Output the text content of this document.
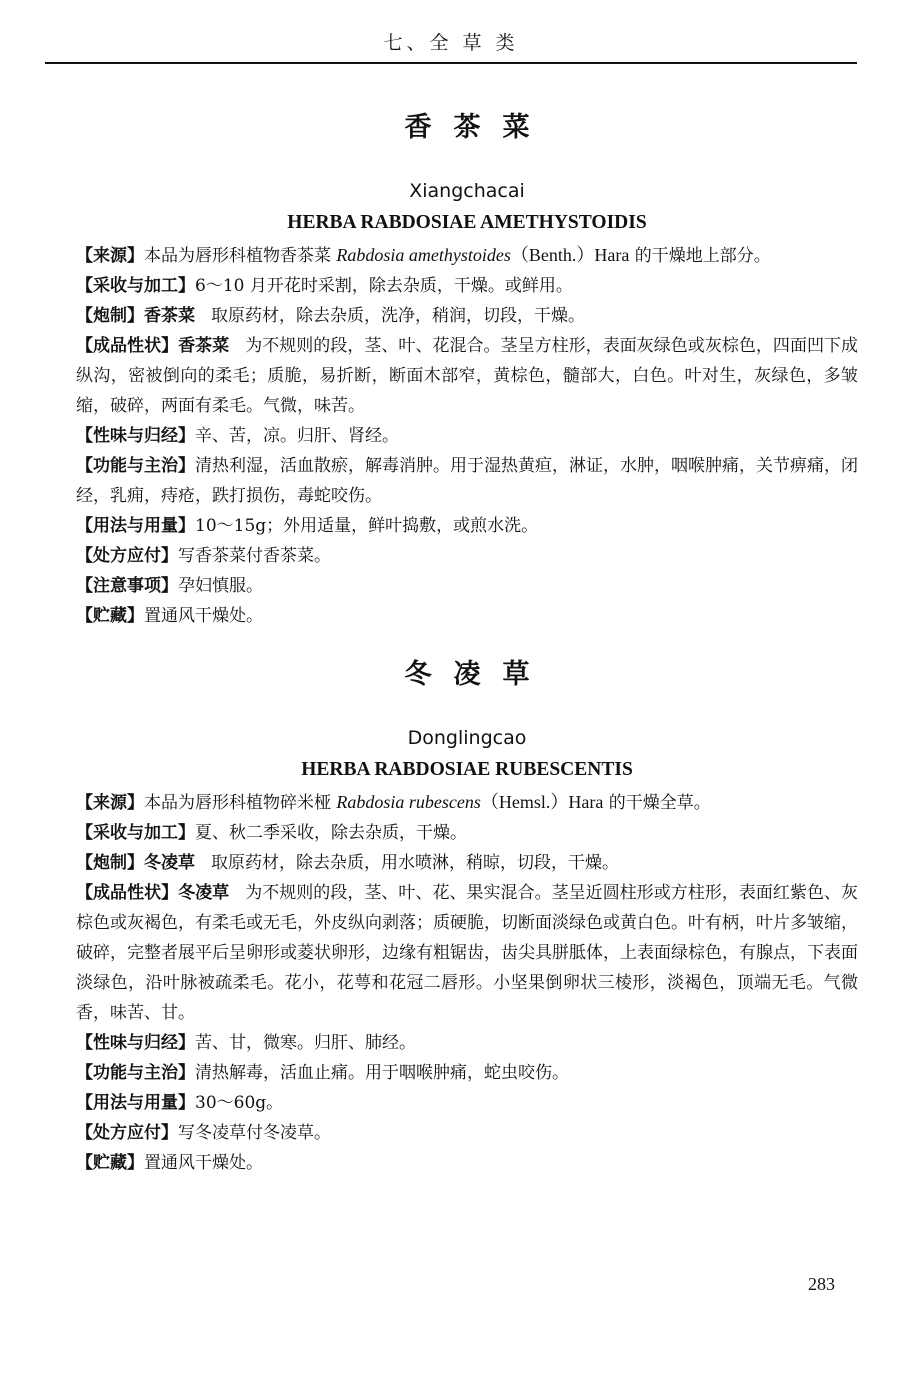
七、全 草 类
香茶菜

Xiangchacai

HERBA RABDOSIAE AMETHYSTOIDIS

【来源】本品为唇形科植物香茶菜 Rabdosia amethystoides（Benth.）Hara 的干燥地上部分。

【采收与加工】6～10 月开花时采割，除去杂质，干燥。或鲜用。

【炮制】香茶菜 取原药材，除去杂质，洗净，稍润，切段，干燥。

【成品性状】香茶菜 为不规则的段，茎、叶、花混合。茎呈方柱形，表面灰绿色或灰棕色，四面凹下成纵沟，密被倒向的柔毛；质脆，易折断，断面木部窄，黄棕色，髓部大，白色。叶对生，灰绿色，多皱缩，破碎，两面有柔毛。气微，味苦。

【性味与归经】辛、苦，凉。归肝、肾经。

【功能与主治】清热利湿，活血散瘀，解毒消肿。用于湿热黄疸，淋证，水肿，咽喉肿痛，关节痹痛，闭经，乳痈，痔疮，跌打损伤，毒蛇咬伤。

【用法与用量】10～15g；外用适量，鲜叶捣敷，或煎水洗。

【处方应付】写香茶菜付香茶菜。

【注意事项】孕妇慎服。

【贮藏】置通风干燥处。

冬凌草

Donglingcao

HERBA RABDOSIAE RUBESCENTIS

【来源】本品为唇形科植物碎米桠 Rabdosia rubescens（Hemsl.）Hara 的干燥全草。

【采收与加工】夏、秋二季采收，除去杂质，干燥。

【炮制】冬凌草 取原药材，除去杂质，用水喷淋，稍晾，切段，干燥。

【成品性状】冬凌草 为不规则的段，茎、叶、花、果实混合。茎呈近圆柱形或方柱形，表面红紫色、灰棕色或灰褐色，有柔毛或无毛，外皮纵向剥落；质硬脆，切断面淡绿色或黄白色。叶有柄，叶片多皱缩，破碎，完整者展平后呈卵形或菱状卵形，边缘有粗锯齿，齿尖具胼胝体，上表面绿棕色，有腺点，下表面淡绿色，沿叶脉被疏柔毛。花小，花萼和花冠二唇形。小坚果倒卵状三棱形，淡褐色，顶端无毛。气微香，味苦、甘。

【性味与归经】苦、甘，微寒。归肝、肺经。

【功能与主治】清热解毒，活血止痛。用于咽喉肿痛，蛇虫咬伤。

【用法与用量】30～60g。

【处方应付】写冬凌草付冬凌草。

【贮藏】置通风干燥处。

283
